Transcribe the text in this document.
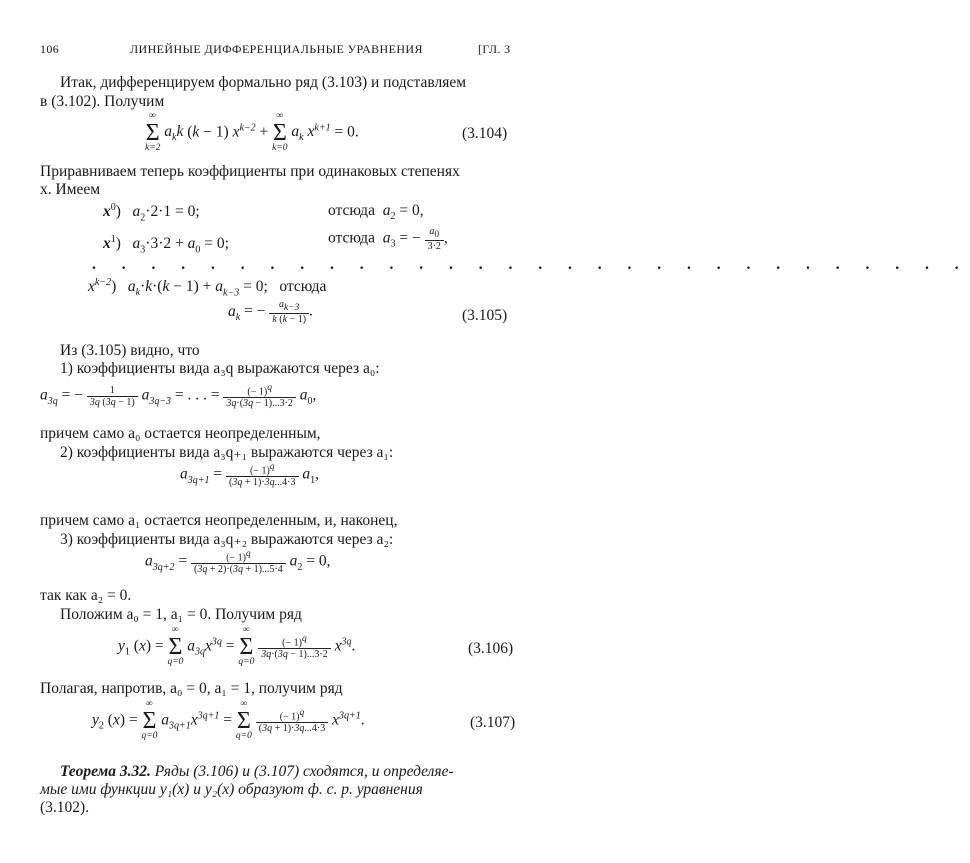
106	ЛИНЕЙНЫЕ ДИФФЕРЕНЦИАЛЬНЫЕ УРАВНЕНИЯ	[ГЛ. 3
Итак, дифференцируем формально ряд (3.103) и подставляем
в (3.102). Получим
∞
Σ
k=2
$a_kk$ (k − 1) $x^{k-2}$ +
∞
Σ
k=0
$a_k$ $x^{k+1} = 0$.	(3.104)
Приравниваем теперь коэффициенты при одинаковых степенях
x. Имеем
$x^0$)   $a_2\cdot 2\cdot 1 = 0$;	отсюда $a_2 = 0$,
$x^1$)   $a_3\cdot 3\cdot 2 + a_0 = 0$;	отсюда $a_3$ = − $\frac{a_0}{3\cdot 2}$ ,
. . . . . . . . . . . . . . . . . . . . . . . . . . . . . .
$x^{k-2}$)   $a_k\cdot k\cdot(k - 1) + a_{k-3} = 0$;   отсюда
$a_k$ = − $\frac{a_{k-3}}{k (k - 1)}$ .	(3.105)
Из (3.105) видно, что
1) коэффициенты вида a₃q выражаются через a₀:
$a_{3q}$ = − $\frac{1}{3q (3q - 1)} a_{3q-3}$ = . . . = $\frac{(- 1)^q}{3q\cdot(3q - 1)...3\cdot 2} a_0$,
причем само a₀ остается неопределенным,
2) коэффициенты вида a₃q₊₁ выражаются через a₁:
$a_{3q+1} = \frac{(- 1)^q}{(3q + 1)\cdot 3q...4\cdot 3} a_1$,
причем само a₁ остается неопределенным, и, наконец,
3) коэффициенты вида a₃q₊₂ выражаются через a₂:
$a_{3q+2} = \frac{(- 1)^q}{(3q + 2)\cdot(3q + 1)...5\cdot 4} a_2 = 0$,
так как a₂ = 0.
Положим a₀ = 1, a₁ = 0. Получим ряд
$y_1$ (x) =
∞
Σ
q=0
$a_{3q}x^{3q}$ =
∞
Σ
q=0

$\frac{(- 1)^q}{3q\cdot(3q - 1)...3\cdot 2} x^{3q}$.	(3.106)
Полагая, напротив, a₀ = 0, a₁ = 1, получим ряд
$y_2$ (x) =
∞
Σ
q=0
$a_{3q+1}x^{3q+1}$ =
∞
Σ
q=0

$\frac{(- 1)^q}{(3q + 1)\cdot 3q...4\cdot 3} x^{3q+1}$.	(3.107)
Теорема 3.32. Ряды (3.106) и (3.107) сходятся, и определяе-
мые ими функции y₁(x) и y₂(x) образуют ф. с. р. уравнения
(3.102).
